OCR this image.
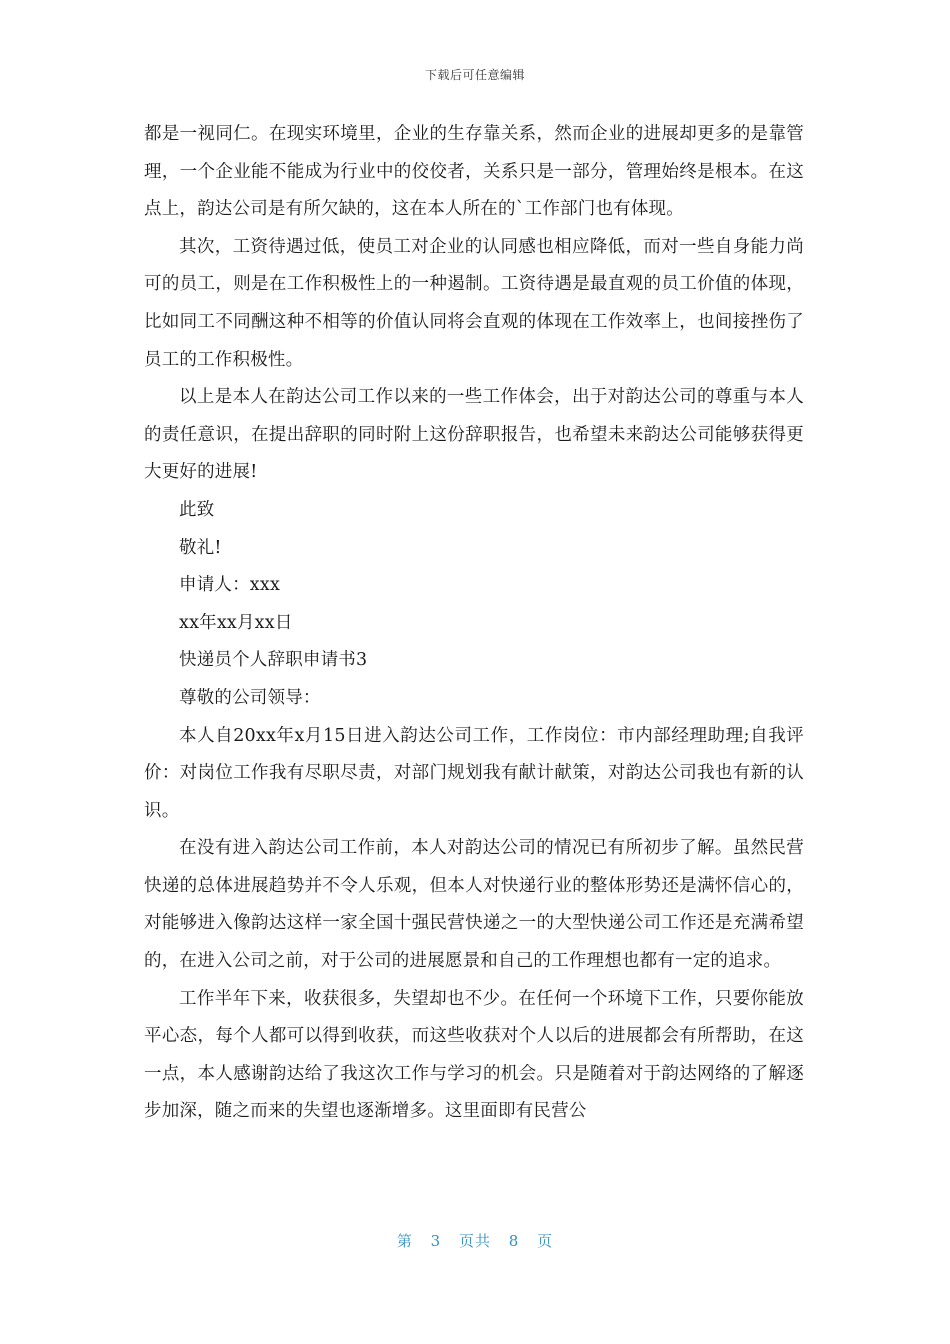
下载后可任意编辑

都是一视同仁。在现实环境里，企业的生存靠关系，然而企业的进展却更多的是靠管理，一个企业能不能成为行业中的佼佼者，关系只是一部分，管理始终是根本。在这点上，韵达公司是有所欠缺的，这在本人所在的`工作部门也有体现。

其次，工资待遇过低，使员工对企业的认同感也相应降低，而对一些自身能力尚可的员工，则是在工作积极性上的一种遏制。工资待遇是最直观的员工价值的体现，比如同工不同酬这种不相等的价值认同将会直观的体现在工作效率上，也间接挫伤了员工的工作积极性。

以上是本人在韵达公司工作以来的一些工作体会，出于对韵达公司的尊重与本人的责任意识，在提出辞职的同时附上这份辞职报告，也希望未来韵达公司能够获得更大更好的进展!

此致

敬礼!

申请人：xxx

xx年xx月xx日

快递员个人辞职申请书3

尊敬的公司领导：

本人自20xx年x月15日进入韵达公司工作，工作岗位：市内部经理助理;自我评价：对岗位工作我有尽职尽责，对部门规划我有献计献策，对韵达公司我也有新的认识。

在没有进入韵达公司工作前，本人对韵达公司的情况已有所初步了解。虽然民营快递的总体进展趋势并不令人乐观，但本人对快递行业的整体形势还是满怀信心的，对能够进入像韵达这样一家全国十强民营快递之一的大型快递公司工作还是充满希望的，在进入公司之前，对于公司的进展愿景和自己的工作理想也都有一定的追求。

工作半年下来，收获很多，失望却也不少。在任何一个环境下工作，只要你能放平心态，每个人都可以得到收获，而这些收获对个人以后的进展都会有所帮助，在这一点，本人感谢韵达给了我这次工作与学习的机会。只是随着对于韵达网络的了解逐步加深，随之而来的失望也逐渐增多。这里面即有民营公

第 3 页共 8 页
